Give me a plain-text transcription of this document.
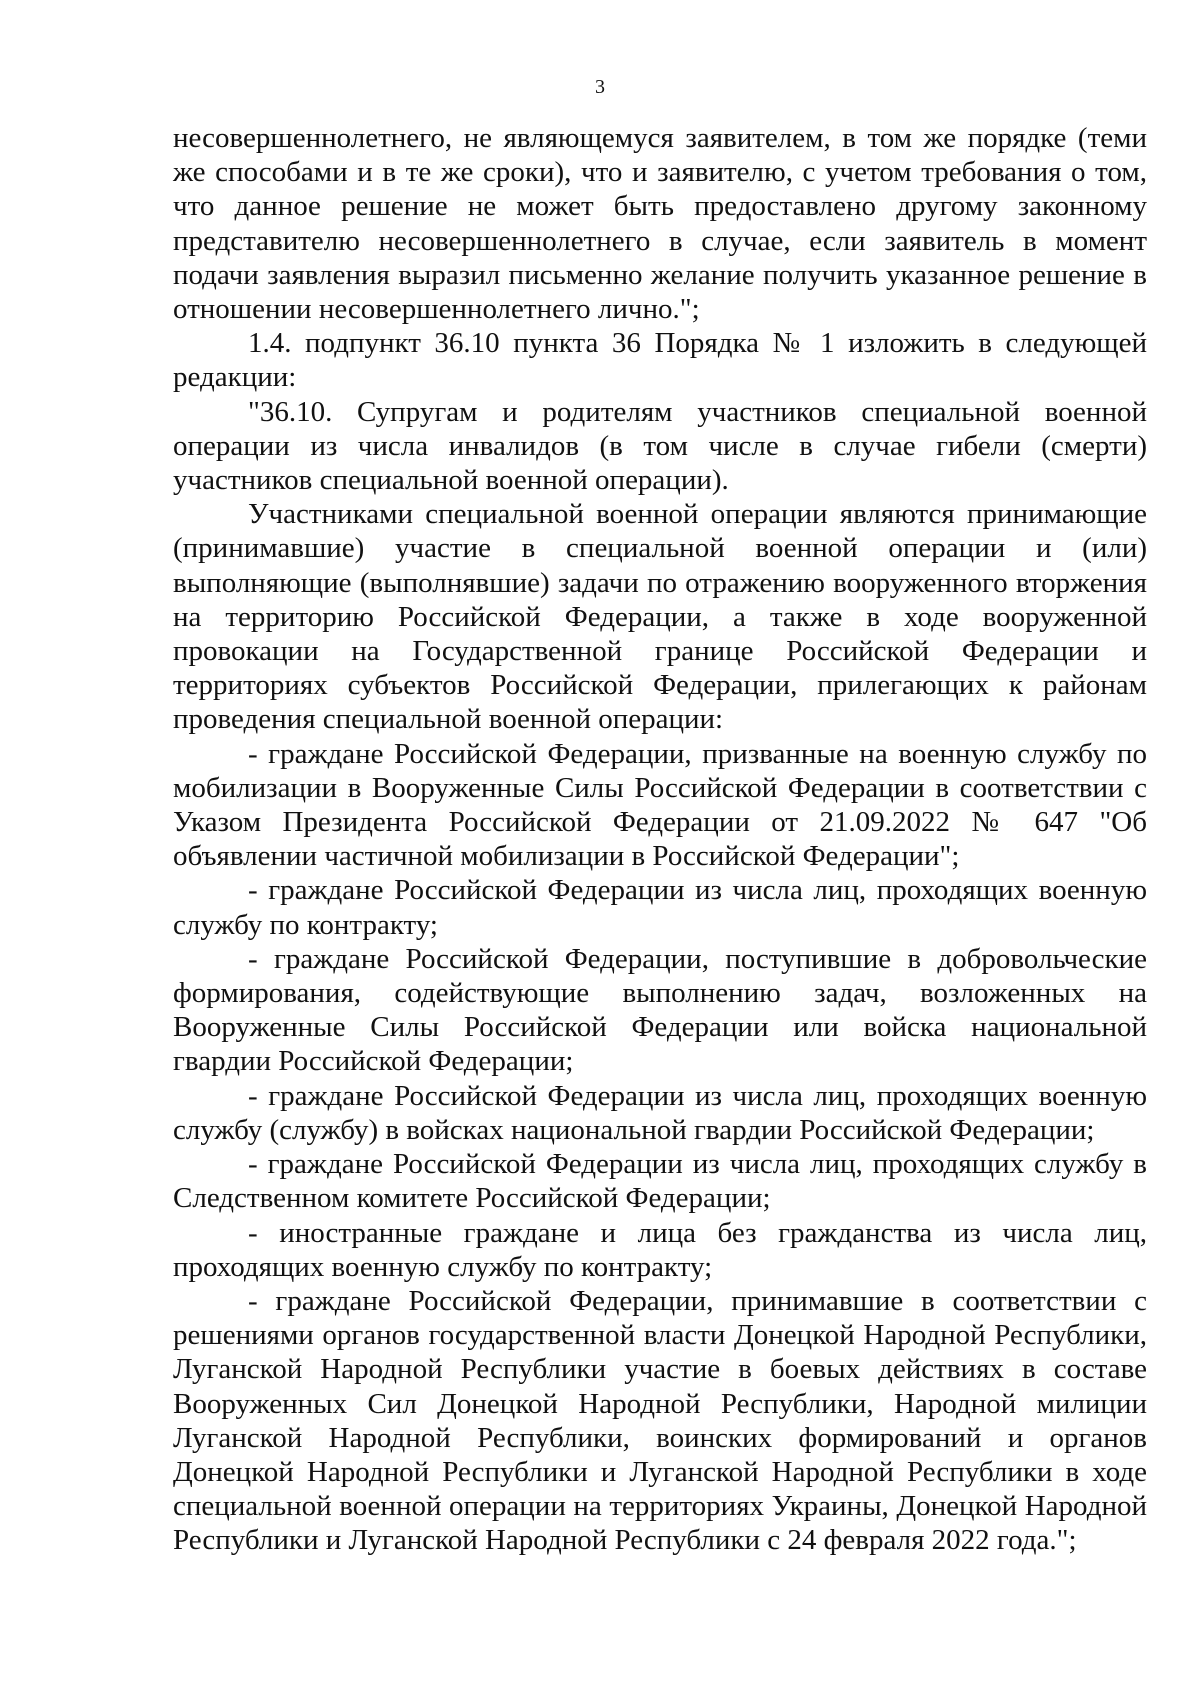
3

несовершеннолетнего, не являющемуся заявителем, в том же порядке (теми же способами и в те же сроки), что и заявителю, с учетом требования о том, что данное решение не может быть предоставлено другому законному представителю несовершеннолетнего в случае, если заявитель в момент подачи заявления выразил письменно желание получить указанное решение в отношении несовершеннолетнего лично.";

1.4. подпункт 36.10 пункта 36 Порядка № 1 изложить в следующей редакции:

"36.10. Супругам и родителям участников специальной военной операции из числа инвалидов (в том числе в случае гибели (смерти) участников специальной военной операции).

Участниками специальной военной операции являются принимающие (принимавшие) участие в специальной военной операции и (или) выполняющие (выполнявшие) задачи по отражению вооруженного вторжения на территорию Российской Федерации, а также в ходе вооруженной провокации на Государственной границе Российской Федерации и территориях субъектов Российской Федерации, прилегающих к районам проведения специальной военной операции:

- граждане Российской Федерации, призванные на военную службу по мобилизации в Вооруженные Силы Российской Федерации в соответствии с Указом Президента Российской Федерации от 21.09.2022 № 647 "Об объявлении частичной мобилизации в Российской Федерации";

- граждане Российской Федерации из числа лиц, проходящих военную службу по контракту;

- граждане Российской Федерации, поступившие в добровольческие формирования, содействующие выполнению задач, возложенных на Вооруженные Силы Российской Федерации или войска национальной гвардии Российской Федерации;

- граждане Российской Федерации из числа лиц, проходящих военную службу (службу) в войсках национальной гвардии Российской Федерации;

- граждане Российской Федерации из числа лиц, проходящих службу в Следственном комитете Российской Федерации;

- иностранные граждане и лица без гражданства из числа лиц, проходящих военную службу по контракту;

- граждане Российской Федерации, принимавшие в соответствии с решениями органов государственной власти Донецкой Народной Республики, Луганской Народной Республики участие в боевых действиях в составе Вооруженных Сил Донецкой Народной Республики, Народной милиции Луганской Народной Республики, воинских формирований и органов Донецкой Народной Республики и Луганской Народной Республики в ходе специальной военной операции на территориях Украины, Донецкой Народной Республики и Луганской Народной Республики с 24 февраля 2022 года.";
